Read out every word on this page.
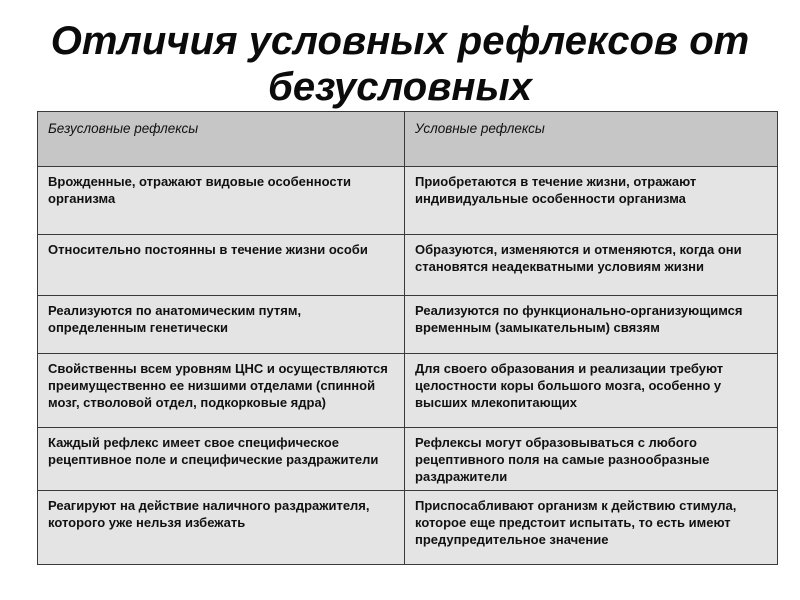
Отличия условных рефлексов от
безусловных
Безусловные рефлексы	Условные рефлексы
Врожденные, отражают видовые особенности организма	Приобретаются в течение жизни, отражают индивидуальные особенности организма
Относительно постоянны в течение жизни особи	Образуются, изменяются и отменяются, когда они становятся неадекватными условиям жизни
Реализуются по анатомическим путям, определенным генетически	Реализуются по функционально-организующимся временным (замыкательным) связям
Свойственны всем уровням ЦНС и осуществляются преимущественно ее низшими отделами (спинной мозг, стволовой отдел, подкорковые ядра)	Для своего образования и реализации требуют целостности коры большого мозга, особенно у высших млекопитающих
Каждый рефлекс имеет свое специфическое рецептивное поле и специфические раздражители	Рефлексы могут образовываться с любого рецептивного поля на самые разнообразные раздражители
Реагируют на действие наличного раздражителя, которого уже нельзя избежать	Приспосабливают организм к действию стимула, которое еще предстоит испытать, то есть имеют предупредительное значение
